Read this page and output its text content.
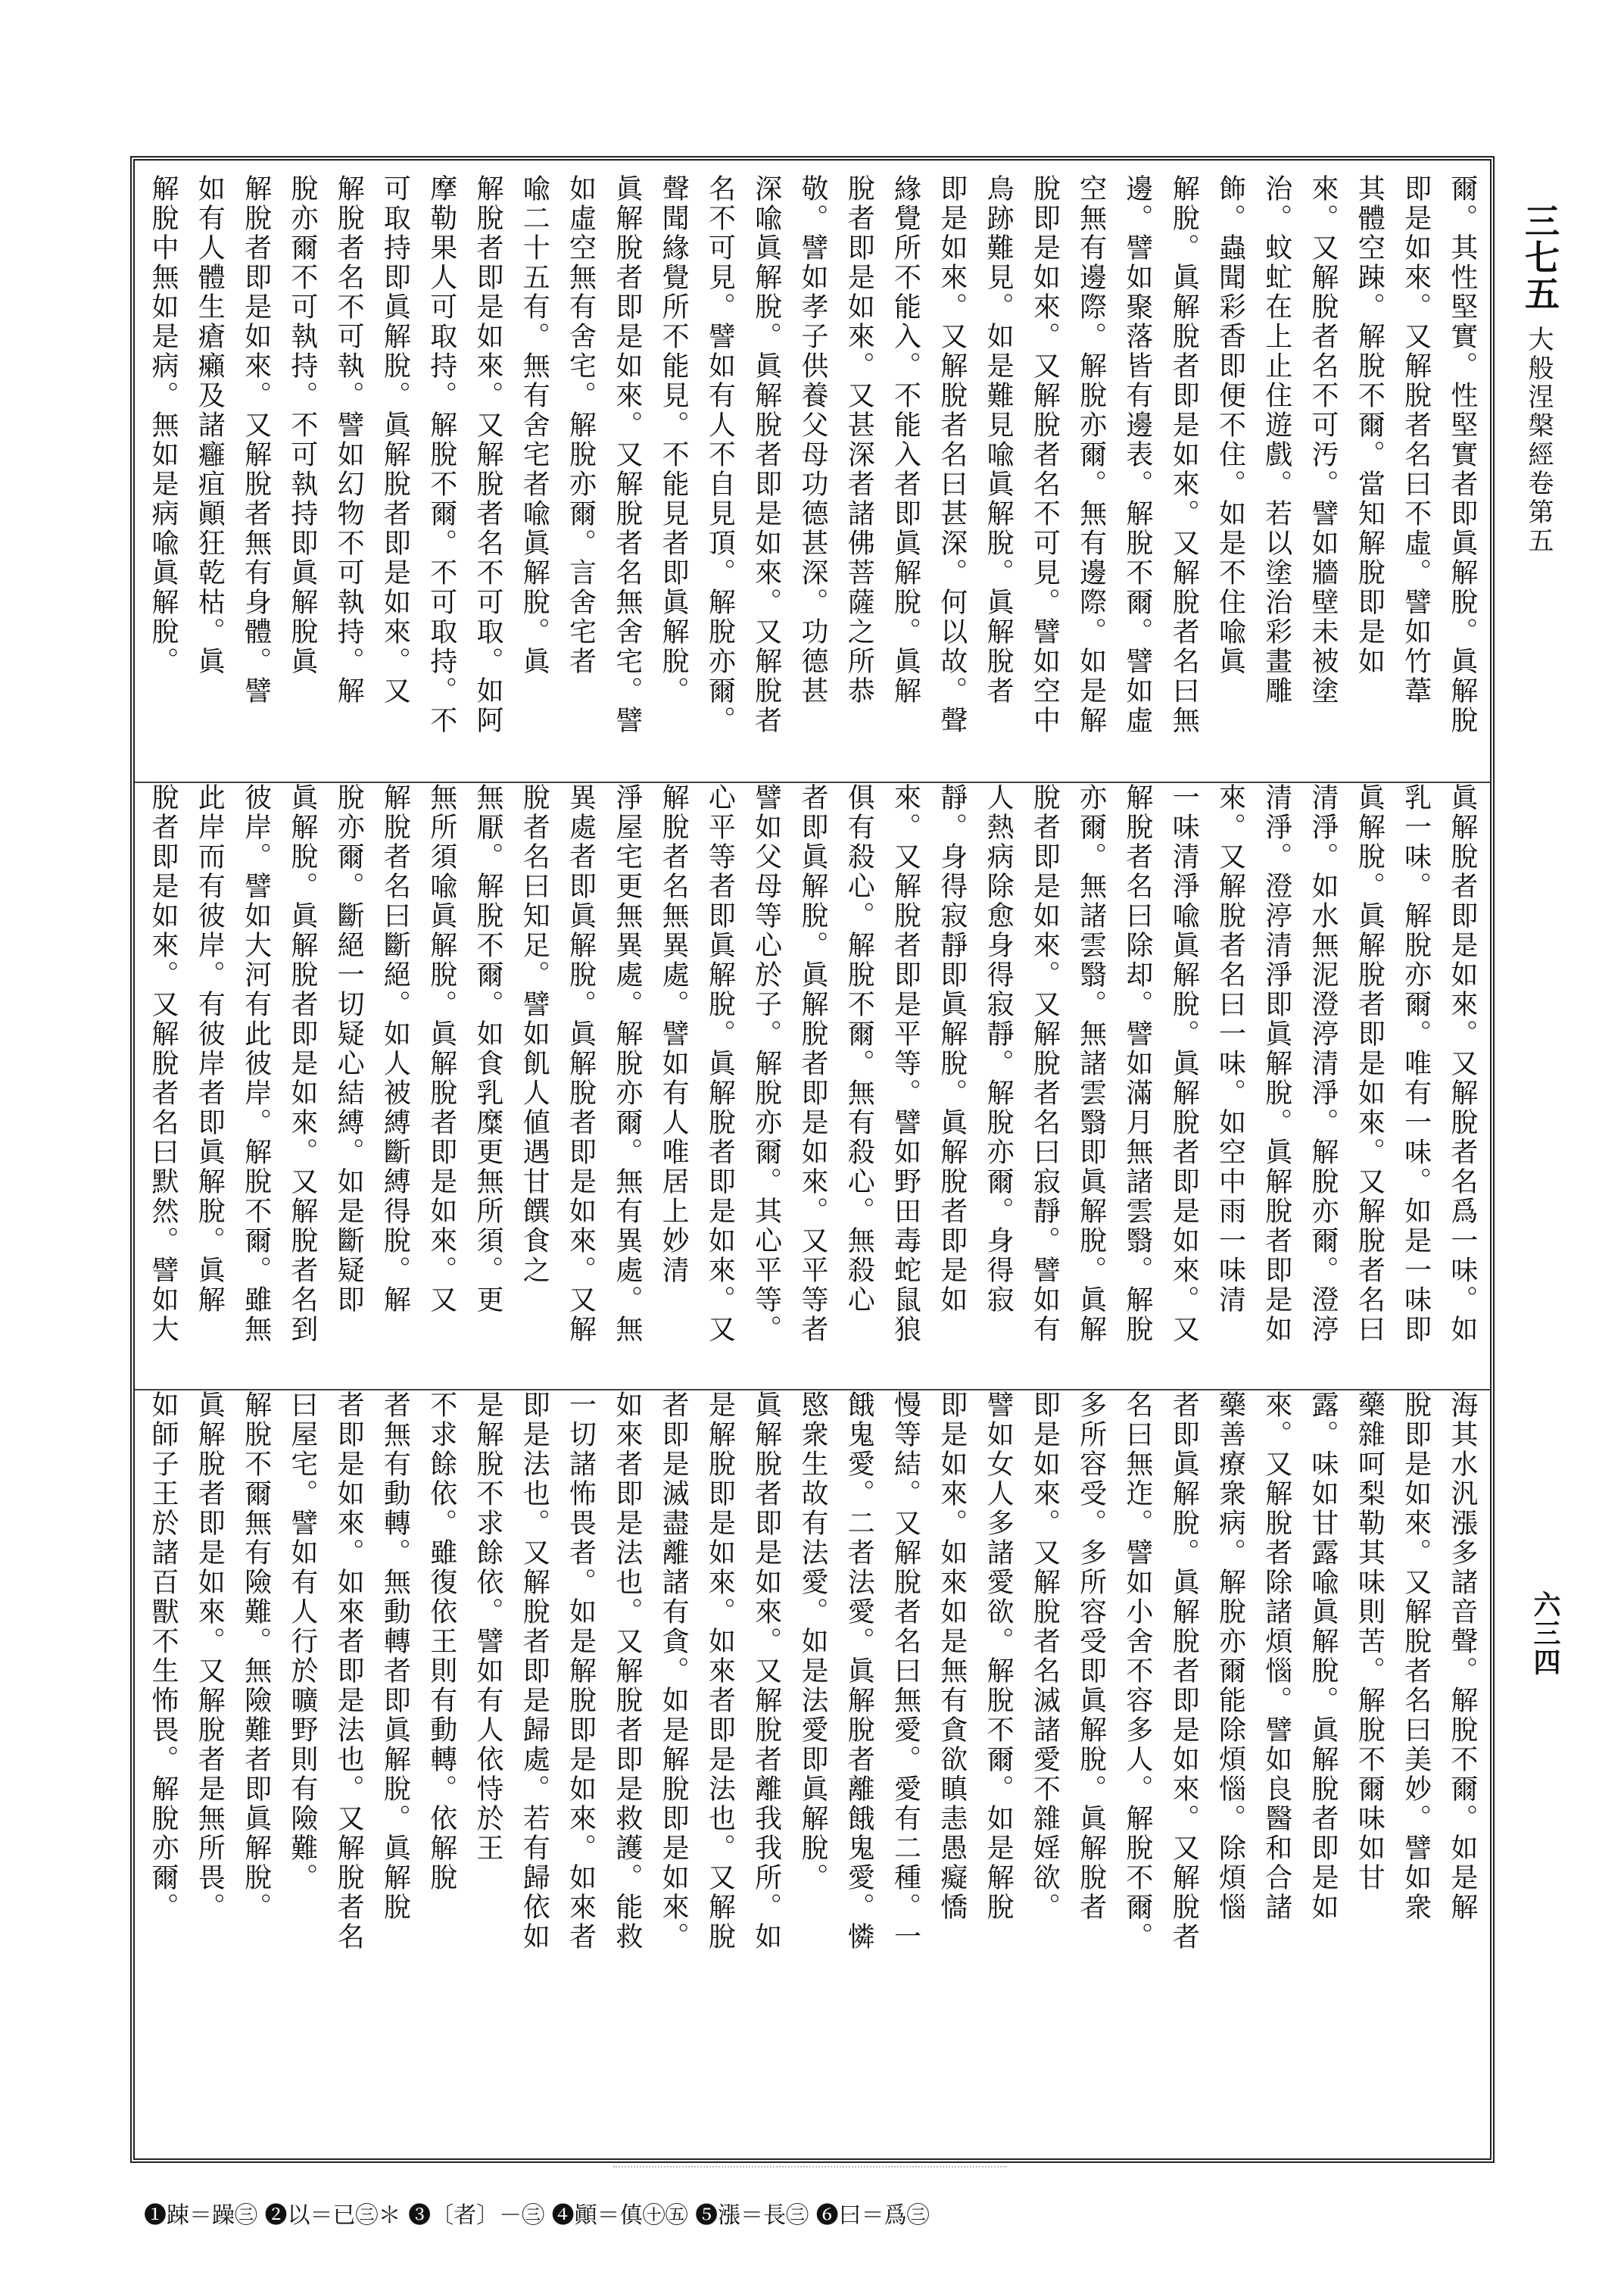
三七五
大般涅槃經卷第五
六三四
爾。其性堅實。性堅實者即眞解脫。眞解脫
即是如來。又解脫者名曰不虛。譬如竹葦
其體空踈。解脫不爾。當知解脫即是如
來。又解脫者名不可汚。譬如牆壁未被塗
治。蚊虻在上止住遊戲。若以塗治彩畫雕
飾。蟲聞彩香即便不住。如是不住喩眞
解脫。眞解脫者即是如來。又解脫者名曰無
邊。譬如聚落皆有邊表。解脫不爾。譬如虛
空無有邊際。解脫亦爾。無有邊際。如是解
脫即是如來。又解脫者名不可見。譬如空中
鳥跡難見。如是難見喩眞解脫。眞解脫者
即是如來。又解脫者名曰甚深。何以故。聲
緣覺所不能入。不能入者即眞解脫。眞解
脫者即是如來。又甚深者諸佛菩薩之所恭
敬。譬如孝子供養父母功德甚深。功德甚
深喩眞解脫。眞解脫者即是如來。又解脫者
名不可見。譬如有人不自見頂。解脫亦爾。
聲聞緣覺所不能見。不能見者即眞解脫。
眞解脫者即是如來。又解脫者名無舍宅。譬
如虛空無有舍宅。解脫亦爾。言舍宅者
喩二十五有。無有舍宅者喩眞解脫。眞
解脫者即是如來。又解脫者名不可取。如阿
摩勒果人可取持。解脫不爾。不可取持。不
可取持即眞解脫。眞解脫者即是如來。又
解脫者名不可執。譬如幻物不可執持。解
脫亦爾不可執持。不可執持即眞解脫眞
解脫者即是如來。又解脫者無有身體。譬
如有人體生瘡癩及諸癰疽顚狂乾枯。眞
解脫中無如是病。無如是病喩眞解脫。
眞解脫者即是如來。又解脫者名爲一味。如
乳一味。解脫亦爾。唯有一味。如是一味即
眞解脫。眞解脫者即是如來。又解脫者名曰
清淨。如水無泥澄渟清淨。解脫亦爾。澄渟
清淨。澄渟清淨即眞解脫。眞解脫者即是如
來。又解脫者名曰一味。如空中雨一味清
一味清淨喩眞解脫。眞解脫者即是如來。又
解脫者名曰除却。譬如滿月無諸雲翳。解脫
亦爾。無諸雲翳。無諸雲翳即眞解脫。眞解
脫者即是如來。又解脫者名曰寂靜。譬如有
人熱病除愈身得寂靜。解脫亦爾。身得寂
靜。身得寂靜即眞解脫。眞解脫者即是如
來。又解脫者即是平等。譬如野田毒蛇鼠狼
俱有殺心。解脫不爾。無有殺心。無殺心
者即眞解脫。眞解脫者即是如來。又平等者
譬如父母等心於子。解脫亦爾。其心平等。
心平等者即眞解脫。眞解脫者即是如來。又
解脫者名無異處。譬如有人唯居上妙清
淨屋宅更無異處。解脫亦爾。無有異處。無
異處者即眞解脫。眞解脫者即是如來。又解
脫者名曰知足。譬如飢人値遇甘饌食之
無厭。解脫不爾。如食乳糜更無所須。更
無所須喩眞解脫。眞解脫者即是如來。又
解脫者名曰斷絕。如人被縛斷縛得脫。解
脫亦爾。斷絕一切疑心結縛。如是斷疑即
眞解脫。眞解脫者即是如來。又解脫者名到
彼岸。譬如大河有此彼岸。解脫不爾。雖無
此岸而有彼岸。有彼岸者即眞解脫。眞解
脫者即是如來。又解脫者名曰默然。譬如大
海其水汎漲多諸音聲。解脫不爾。如是解
脫即是如來。又解脫者名曰美妙。譬如衆
藥雜呵梨勒其味則苦。解脫不爾味如甘
露。味如甘露喩眞解脫。眞解脫者即是如
來。又解脫者除諸煩惱。譬如良醫和合諸
藥善療衆病。解脫亦爾能除煩惱。除煩惱
者即眞解脫。眞解脫者即是如來。又解脫者
名曰無迮。譬如小舍不容多人。解脫不爾。
多所容受。多所容受即眞解脫。眞解脫者
即是如來。又解脫者名滅諸愛不雜婬欲。
譬如女人多諸愛欲。解脫不爾。如是解脫
即是如來。如來如是無有貪欲瞋恚愚癡憍
慢等結。又解脫者名曰無愛。愛有二種。一
餓鬼愛。二者法愛。眞解脫者離餓鬼愛。憐
愍衆生故有法愛。如是法愛即眞解脫。
眞解脫者即是如來。又解脫者離我我所。如
是解脫即是如來。如來者即是法也。又解脫
者即是滅盡離諸有貪。如是解脫即是如來。
如來者即是法也。又解脫者即是救護。能救
一切諸怖畏者。如是解脫即是如來。如來者
即是法也。又解脫者即是歸處。若有歸依如
是解脫不求餘依。譬如有人依恃於王
不求餘依。雖復依王則有動轉。依解脫
者無有動轉。無動轉者即眞解脫。眞解脫
者即是如來。如來者即是法也。又解脫者名
曰屋宅。譬如有人行於曠野則有險難。
解脫不爾無有險難。無險難者即眞解脫。
眞解脫者即是如來。又解脫者是無所畏。
如師子王於諸百獸不生怖畏。解脫亦爾。
❶踈＝躁㊂ ❷以＝已㊂＊ ❸〔者〕－㊂ ❹顚＝傎㊉㊄ ❺漲＝長㊂ ❻曰＝爲㊂
